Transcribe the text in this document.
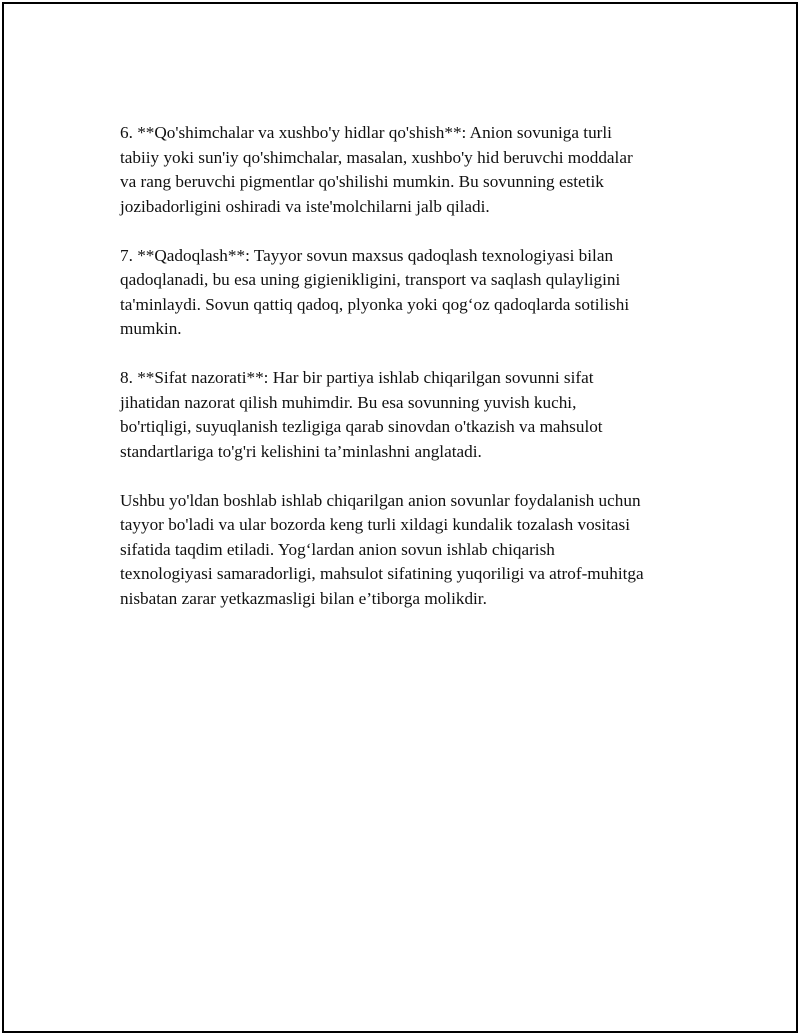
6. **Qo'shimchalar va xushbo'y hidlar qo'shish**: Anion sovuniga turli
tabiiy yoki sun'iy qo'shimchalar, masalan, xushbo'y hid beruvchi moddalar
va rang beruvchi pigmentlar qo'shilishi mumkin. Bu sovunning estetik
jozibadorligini oshiradi va iste'molchilarni jalb qiladi.

7. **Qadoqlash**: Tayyor sovun maxsus qadoqlash texnologiyasi bilan
qadoqlanadi, bu esa uning gigienikligini, transport va saqlash qulayligini
ta'minlaydi. Sovun qattiq qadoq, plyonka yoki qog‘oz qadoqlarda sotilishi
mumkin.

8. **Sifat nazorati**: Har bir partiya ishlab chiqarilgan sovunni sifat
jihatidan nazorat qilish muhimdir. Bu esa sovunning yuvish kuchi,
bo'rtiqligi, suyuqlanish tezligiga qarab sinovdan o'tkazish va mahsulot
standartlariga to'g'ri kelishini ta’minlashni anglatadi.

Ushbu yo'ldan boshlab ishlab chiqarilgan anion sovunlar foydalanish uchun
tayyor bo'ladi va ular bozorda keng turli xildagi kundalik tozalash vositasi
sifatida taqdim etiladi. Yog‘lardan anion sovun ishlab chiqarish
texnologiyasi samaradorligi, mahsulot sifatining yuqoriligi va atrof-muhitga
nisbatan zarar yetkazmasligi bilan e’tiborga molikdir.
